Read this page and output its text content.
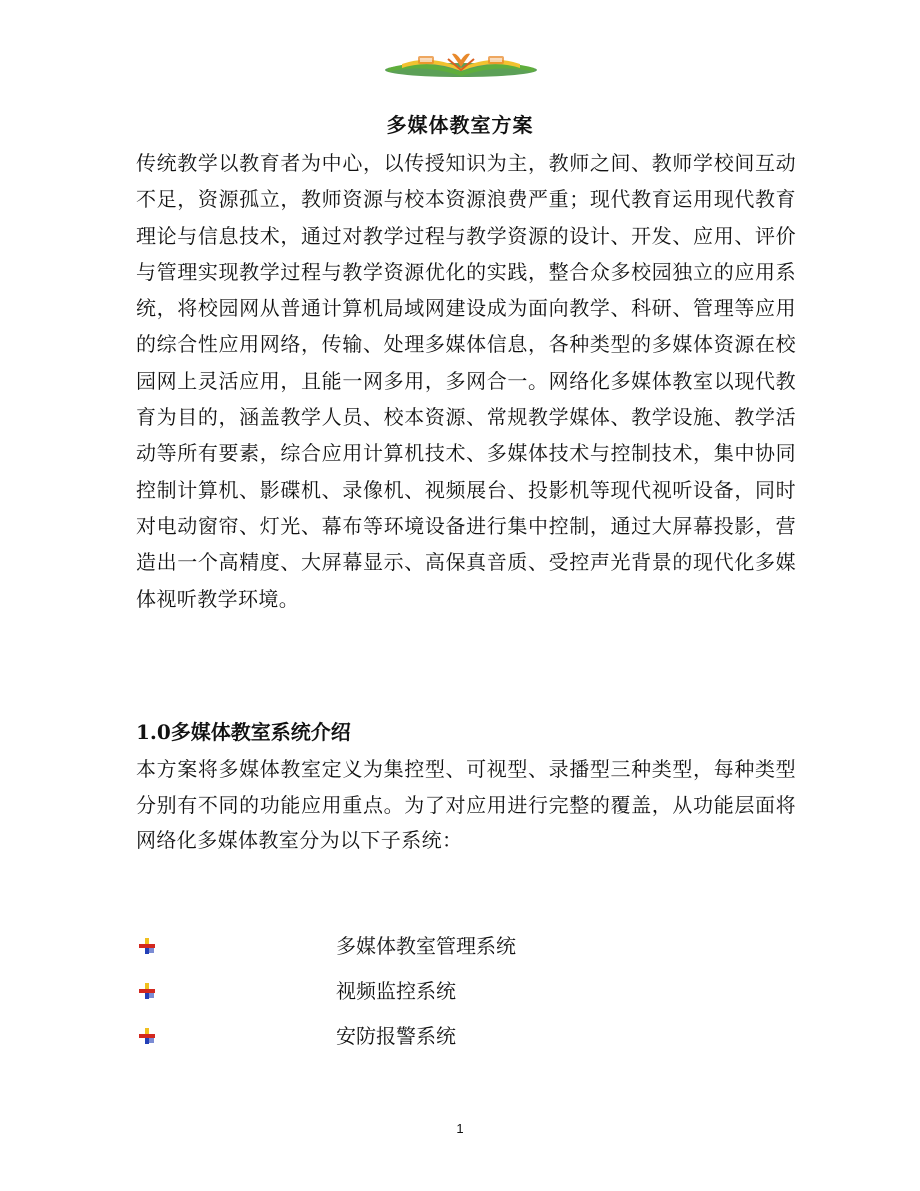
多媒体教室方案

传统教学以教育者为中心，以传授知识为主，教师之间、教师学校间互动不足，资源孤立，教师资源与校本资源浪费严重；现代教育运用现代教育理论与信息技术，通过对教学过程与教学资源的设计、开发、应用、评价与管理实现教学过程与教学资源优化的实践，整合众多校园独立的应用系统，将校园网从普通计算机局域网建设成为面向教学、科研、管理等应用的综合性应用网络，传输、处理多媒体信息，各种类型的多媒体资源在校园网上灵活应用，且能一网多用，多网合一。网络化多媒体教室以现代教育为目的，涵盖教学人员、校本资源、常规教学媒体、教学设施、教学活动等所有要素，综合应用计算机技术、多媒体技术与控制技术，集中协同控制计算机、影碟机、录像机、视频展台、投影机等现代视听设备，同时对电动窗帘、灯光、幕布等环境设备进行集中控制，通过大屏幕投影，营造出一个高精度、大屏幕显示、高保真音质、受控声光背景的现代化多媒体视听教学环境。

1.0多媒体教室系统介绍

本方案将多媒体教室定义为集控型、可视型、录播型三种类型，每种类型分别有不同的功能应用重点。为了对应用进行完整的覆盖，从功能层面将网络化多媒体教室分为以下子系统：

多媒体教室管理系统
视频监控系统
安防报警系统
1
